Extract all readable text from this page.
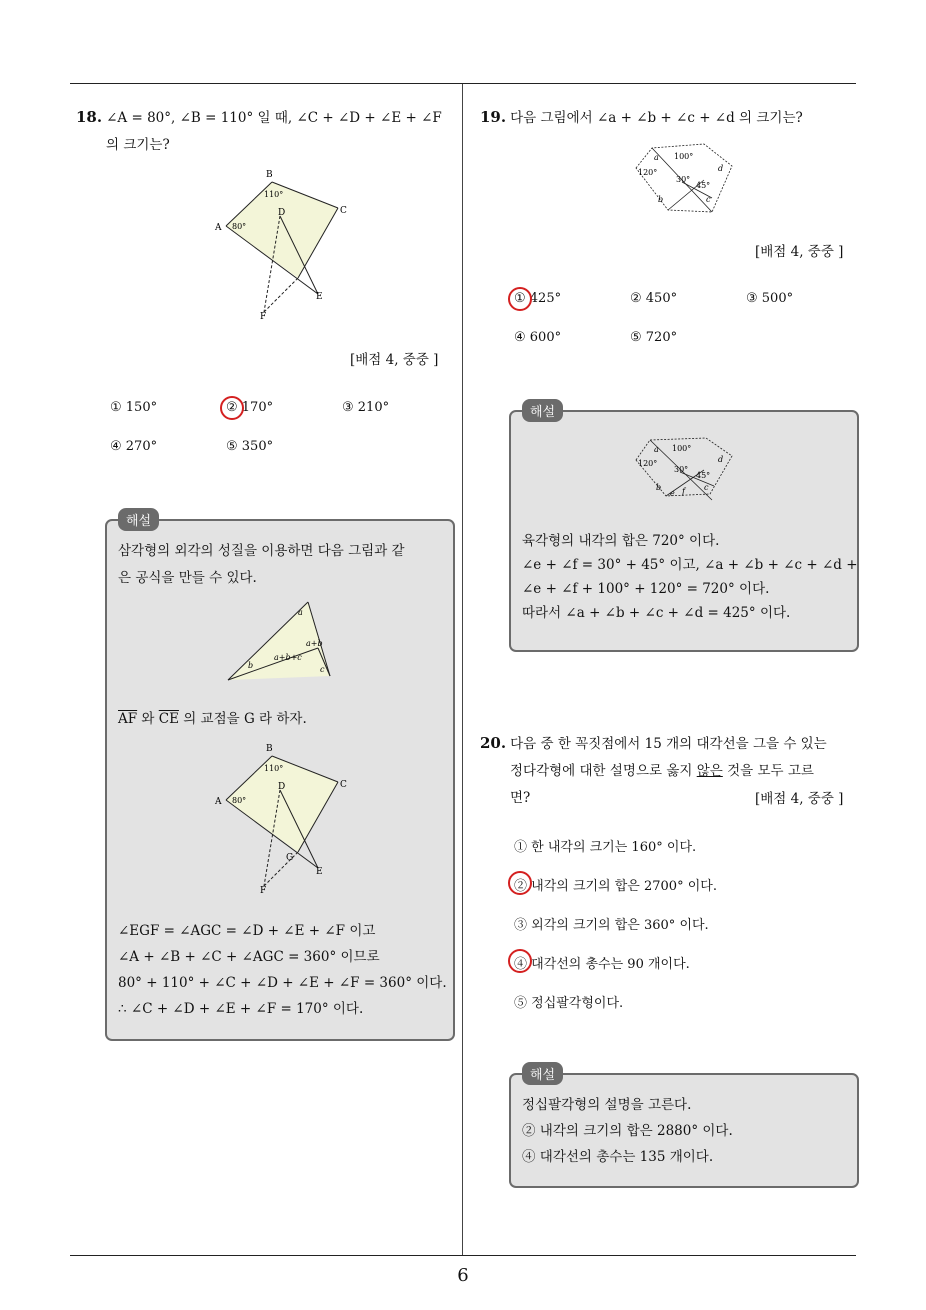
18. ∠A = 80°, ∠B = 110° 일 때, ∠C + ∠D + ∠E + ∠F
의 크기는?
B
110°
A 80°
C
D
E
F
[배점 4, 중중 ]
① 150°	② 170°	③ 210°
④ 270°	⑤ 350°
해설
삼각형의 외각의 성질을 이용하면 다음 그림과 같
은 공식을 만들 수 있다.
a
a+b
b
a+b+c
c
$\overline{AF}$ 와 $\overline{CE}$ 의 교점을 G 라 하자.
B
110°
A 80°
C
D
G
E
F
∠EGF = ∠AGC = ∠D + ∠E + ∠F 이고
∠A + ∠B + ∠C + ∠AGC = 360° 이므로
80° + 110° + ∠C + ∠D + ∠E + ∠F = 360° 이다.
∴ ∠C + ∠D + ∠E + ∠F = 170° 이다.
19. 다음 그림에서 ∠a + ∠b + ∠c + ∠d 의 크기는?
a 100°
120°
30°
45°
d
b	c
[배점 4, 중중 ]
① 425°	② 450°	③ 500°
④ 600°	⑤ 720°
해설
a 100°
120°
30°
45°
d
b
e f c
육각형의 내각의 합은 720° 이다.
∠e + ∠f = 30° + 45° 이고, ∠a + ∠b + ∠c + ∠d +
∠e + ∠f + 100° + 120° = 720° 이다.
따라서 ∠a + ∠b + ∠c + ∠d = 425° 이다.
20. 다음 중 한 꼭짓점에서 15 개의 대각선을 그을 수 있는
정다각형에 대한 설명으로 옳지 않은 것을 모두 고르
면?	[배점 4, 중중 ]
① 한 내각의 크기는 160° 이다.
② 내각의 크기의 합은 2700° 이다.
③ 외각의 크기의 합은 360° 이다.
④ 대각선의 총수는 90 개이다.
⑤ 정십팔각형이다.
해설
정십팔각형의 설명을 고른다.
② 내각의 크기의 합은 2880° 이다.
④ 대각선의 총수는 135 개이다.
6
